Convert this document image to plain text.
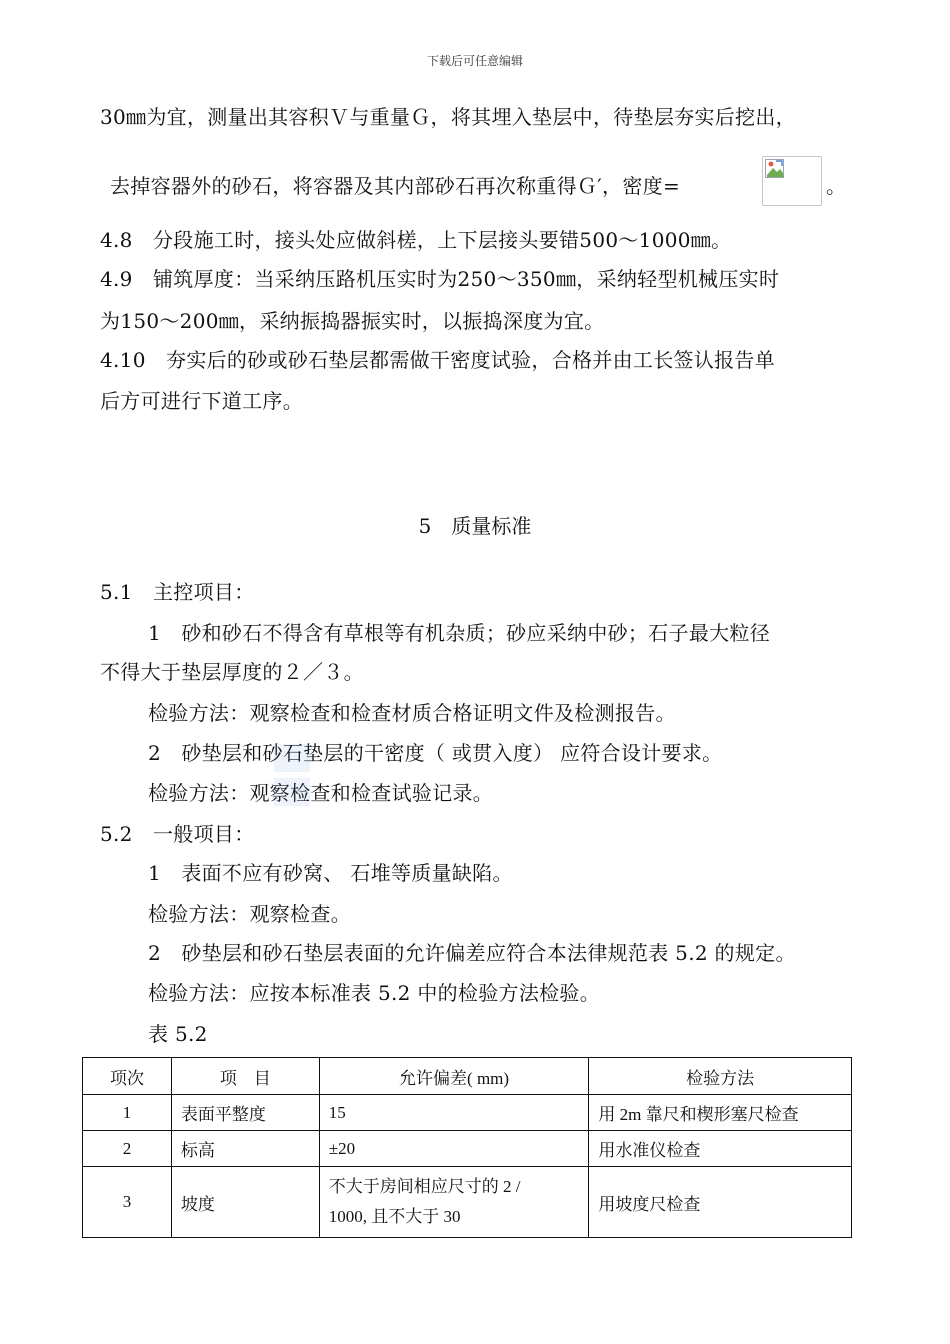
下载后可任意编辑
30㎜为宜，测量出其容积Ｖ与重量Ｇ，将其埋入垫层中，待垫层夯实后挖出，
去掉容器外的砂石，将容器及其内部砂石再次称重得Ｇ′，密度=	。
4.8　分段施工时，接头处应做斜槎，上下层接头要错500～1000㎜。
4.9　铺筑厚度：当采纳压路机压实时为250～350㎜，采纳轻型机械压实时
为150～200㎜，采纳振捣器振实时，以振捣深度为宜。
4.10　夯实后的砂或砂石垫层都需做干密度试验，合格并由工长签认报告单
后方可进行下道工序。
5　质量标准
5.1　主控项目：
1　砂和砂石不得含有草根等有机杂质；砂应采纳中砂；石子最大粒径
不得大于垫层厚度的２／３。
检验方法：观察检查和检查材质合格证明文件及检测报告。
2　砂垫层和砂石垫层的干密度（ 或贯入度） 应符合设计要求。
检验方法：观察检查和检查试验记录。
5.2　一般项目：
1　表面不应有砂窝、 石堆等质量缺陷。
检验方法：观察检查。
2　砂垫层和砂石垫层表面的允许偏差应符合本法律规范表 5.2 的规定。
检验方法：应按本标准表 5.2 中的检验方法检验。
表 5.2
项次	项　目	允许偏差( mm)	检验方法
1	表面平整度	15	用 2m 靠尺和楔形塞尺检查
2	标高	±20	用水准仪检查
3	坡度	不大于房间相应尺寸的 2 /
1000, 且不大于 30	用坡度尺检查
